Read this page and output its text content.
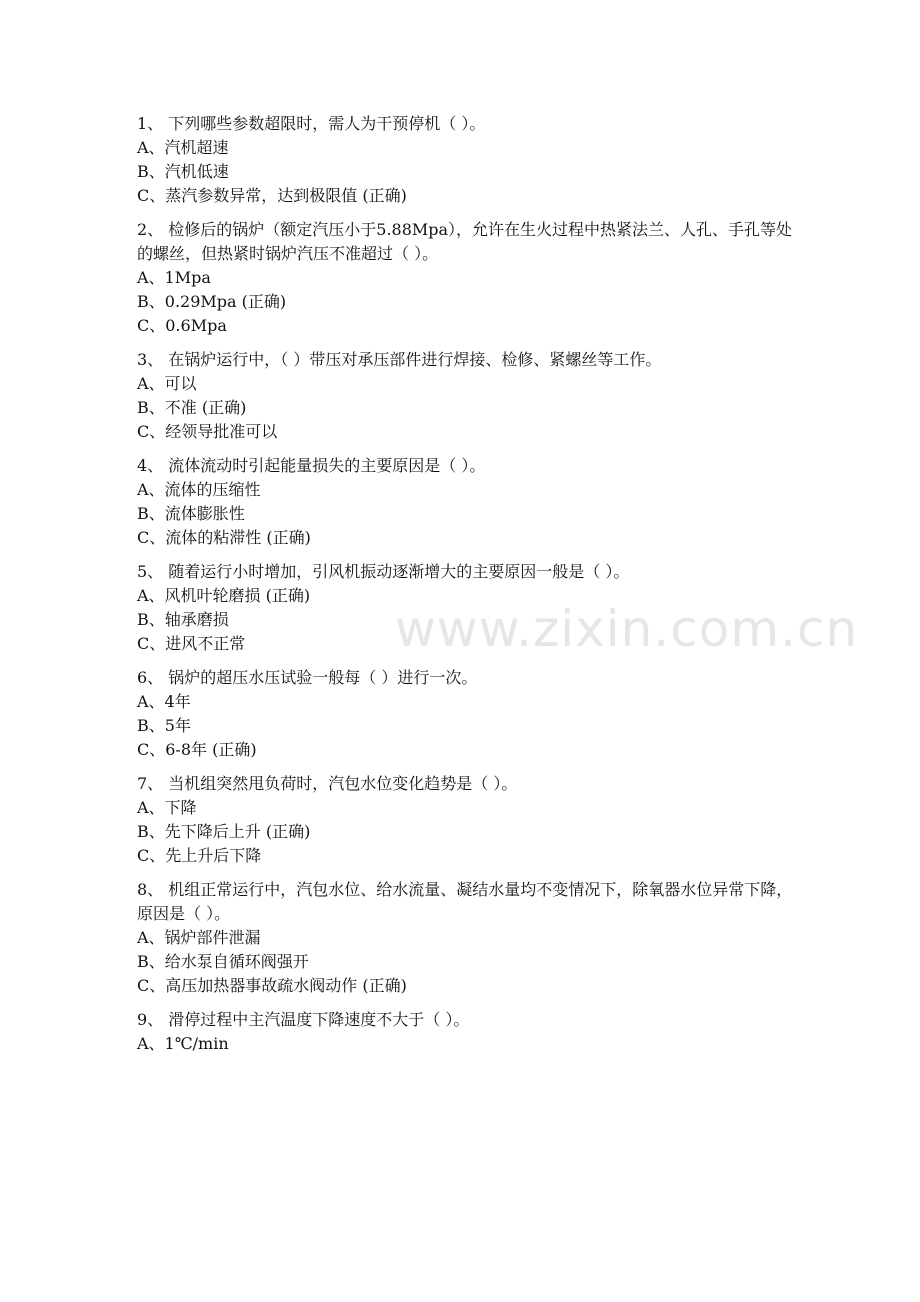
www.zixin.com.cn

1、 下列哪些参数超限时，需人为干预停机（ ）。

A、汽机超速

B、汽机低速

C、蒸汽参数异常，达到极限值 (正确)

2、 检修后的锅炉（额定汽压小于5.88Mpa），允许在生火过程中热紧法兰、人孔、手孔等处的螺丝，但热紧时锅炉汽压不准超过（ ）。

A、1Mpa

B、0.29Mpa (正确)

C、0.6Mpa

3、 在锅炉运行中，（ ）带压对承压部件进行焊接、检修、紧螺丝等工作。

A、可以

B、不准 (正确)

C、经领导批准可以

4、 流体流动时引起能量损失的主要原因是（ ）。

A、流体的压缩性

B、流体膨胀性

C、流体的粘滞性 (正确)

5、 随着运行小时增加，引风机振动逐渐增大的主要原因一般是（ ）。

A、风机叶轮磨损 (正确)

B、轴承磨损

C、进风不正常

6、 锅炉的超压水压试验一般每（ ）进行一次。

A、4年

B、5年

C、6-8年 (正确)

7、 当机组突然甩负荷时，汽包水位变化趋势是（ ）。

A、下降

B、先下降后上升 (正确)

C、先上升后下降

8、 机组正常运行中，汽包水位、给水流量、凝结水量均不变情况下，除氧器水位异常下降，原因是（ ）。

A、锅炉部件泄漏

B、给水泵自循环阀强开

C、高压加热器事故疏水阀动作 (正确)

9、 滑停过程中主汽温度下降速度不大于（ ）。

A、1℃/min
